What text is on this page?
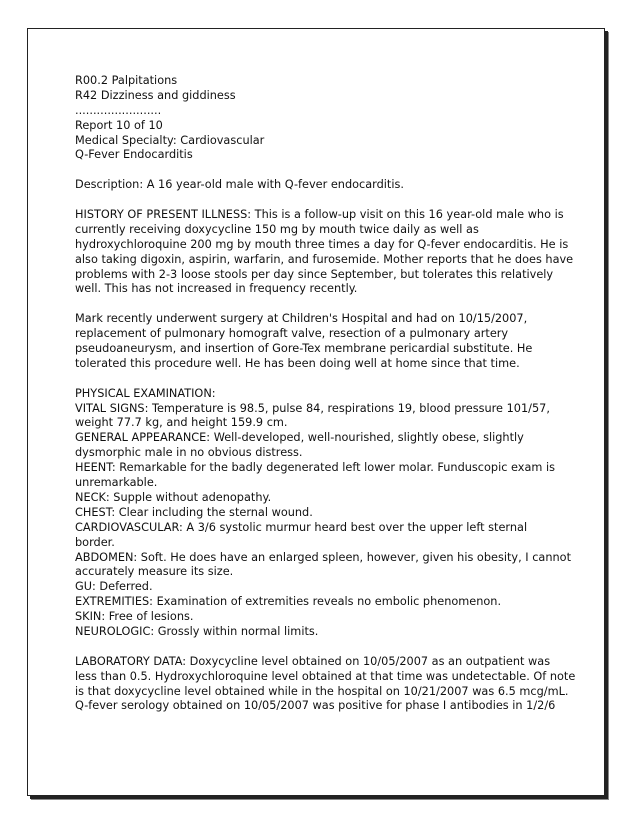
R00.2 Palpitations
R42 Dizziness and giddiness
........................
Report 10 of 10
Medical Specialty: Cardiovascular
Q-Fever Endocarditis
Description: A 16 year-old male with Q-fever endocarditis.
HISTORY OF PRESENT ILLNESS: This is a follow-up visit on this 16 year-old male who is
currently receiving doxycycline 150 mg by mouth twice daily as well as
hydroxychloroquine 200 mg by mouth three times a day for Q-fever endocarditis. He is
also taking digoxin, aspirin, warfarin, and furosemide. Mother reports that he does have
problems with 2-3 loose stools per day since September, but tolerates this relatively
well. This has not increased in frequency recently.
Mark recently underwent surgery at Children's Hospital and had on 10/15/2007,
replacement of pulmonary homograft valve, resection of a pulmonary artery
pseudoaneurysm, and insertion of Gore-Tex membrane pericardial substitute. He
tolerated this procedure well. He has been doing well at home since that time.
PHYSICAL EXAMINATION:
VITAL SIGNS: Temperature is 98.5, pulse 84, respirations 19, blood pressure 101/57,
weight 77.7 kg, and height 159.9 cm.
GENERAL APPEARANCE: Well-developed, well-nourished, slightly obese, slightly
dysmorphic male in no obvious distress.
HEENT: Remarkable for the badly degenerated left lower molar. Funduscopic exam is
unremarkable.
NECK: Supple without adenopathy.
CHEST: Clear including the sternal wound.
CARDIOVASCULAR: A 3/6 systolic murmur heard best over the upper left sternal
border.
ABDOMEN: Soft. He does have an enlarged spleen, however, given his obesity, I cannot
accurately measure its size.
GU: Deferred.
EXTREMITIES: Examination of extremities reveals no embolic phenomenon.
SKIN: Free of lesions.
NEUROLOGIC: Grossly within normal limits.
LABORATORY DATA: Doxycycline level obtained on 10/05/2007 as an outpatient was
less than 0.5. Hydroxychloroquine level obtained at that time was undetectable. Of note
is that doxycycline level obtained while in the hospital on 10/21/2007 was 6.5 mcg/mL.
Q-fever serology obtained on 10/05/2007 was positive for phase I antibodies in 1/2/6
